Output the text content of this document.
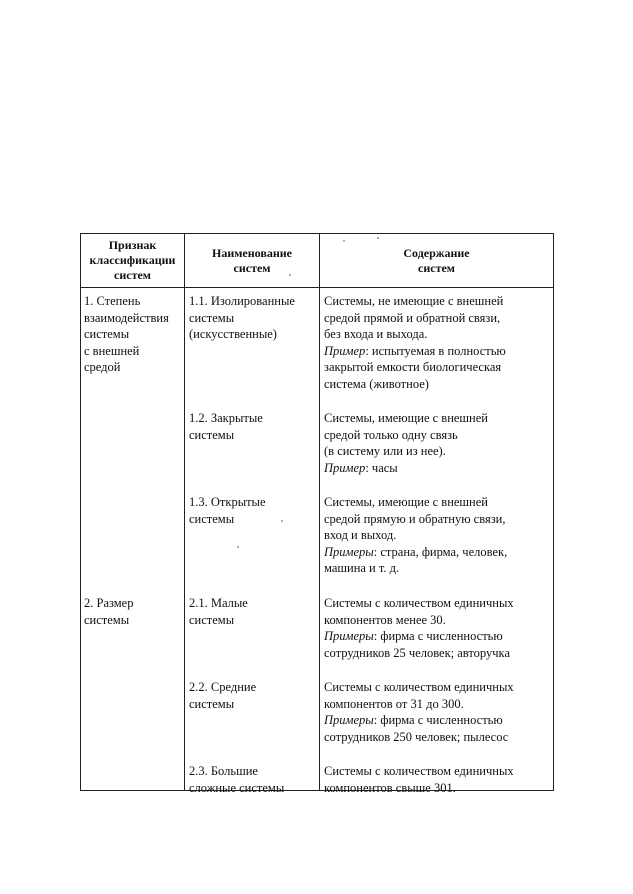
Признак
классификации
систем
Наименование
систем
Содержание
систем
1. Степень
взаимодействия
системы
с внешней
средой
1.1. Изолированные
системы
(искусственные)
Системы, не имеющие с внешней
средой прямой и обратной связи,
без входа и выхода.
Пример: испытуемая в полностью
закрытой емкости биологическая
система (животное)
1.2. Закрытые
системы
Системы, имеющие с внешней
средой только одну связь
(в систему или из нее).
Пример: часы
1.3. Открытые
системы
Системы, имеющие с внешней
средой прямую и обратную связи,
вход и выход.
Примеры: страна, фирма, человек,
машина и т. д.
2. Размер
системы
2.1. Малые
системы
Системы с количеством единичных
компонентов менее 30.
Примеры: фирма с численностью
сотрудников 25 человек; авторучка
2.2. Средние
системы
Системы с количеством единичных
компонентов от 31 до 300.
Примеры: фирма с численностью
сотрудников 250 человек; пылесос
2.3. Большие
сложные системы
Системы с количеством единичных
компонентов свыше 301.
